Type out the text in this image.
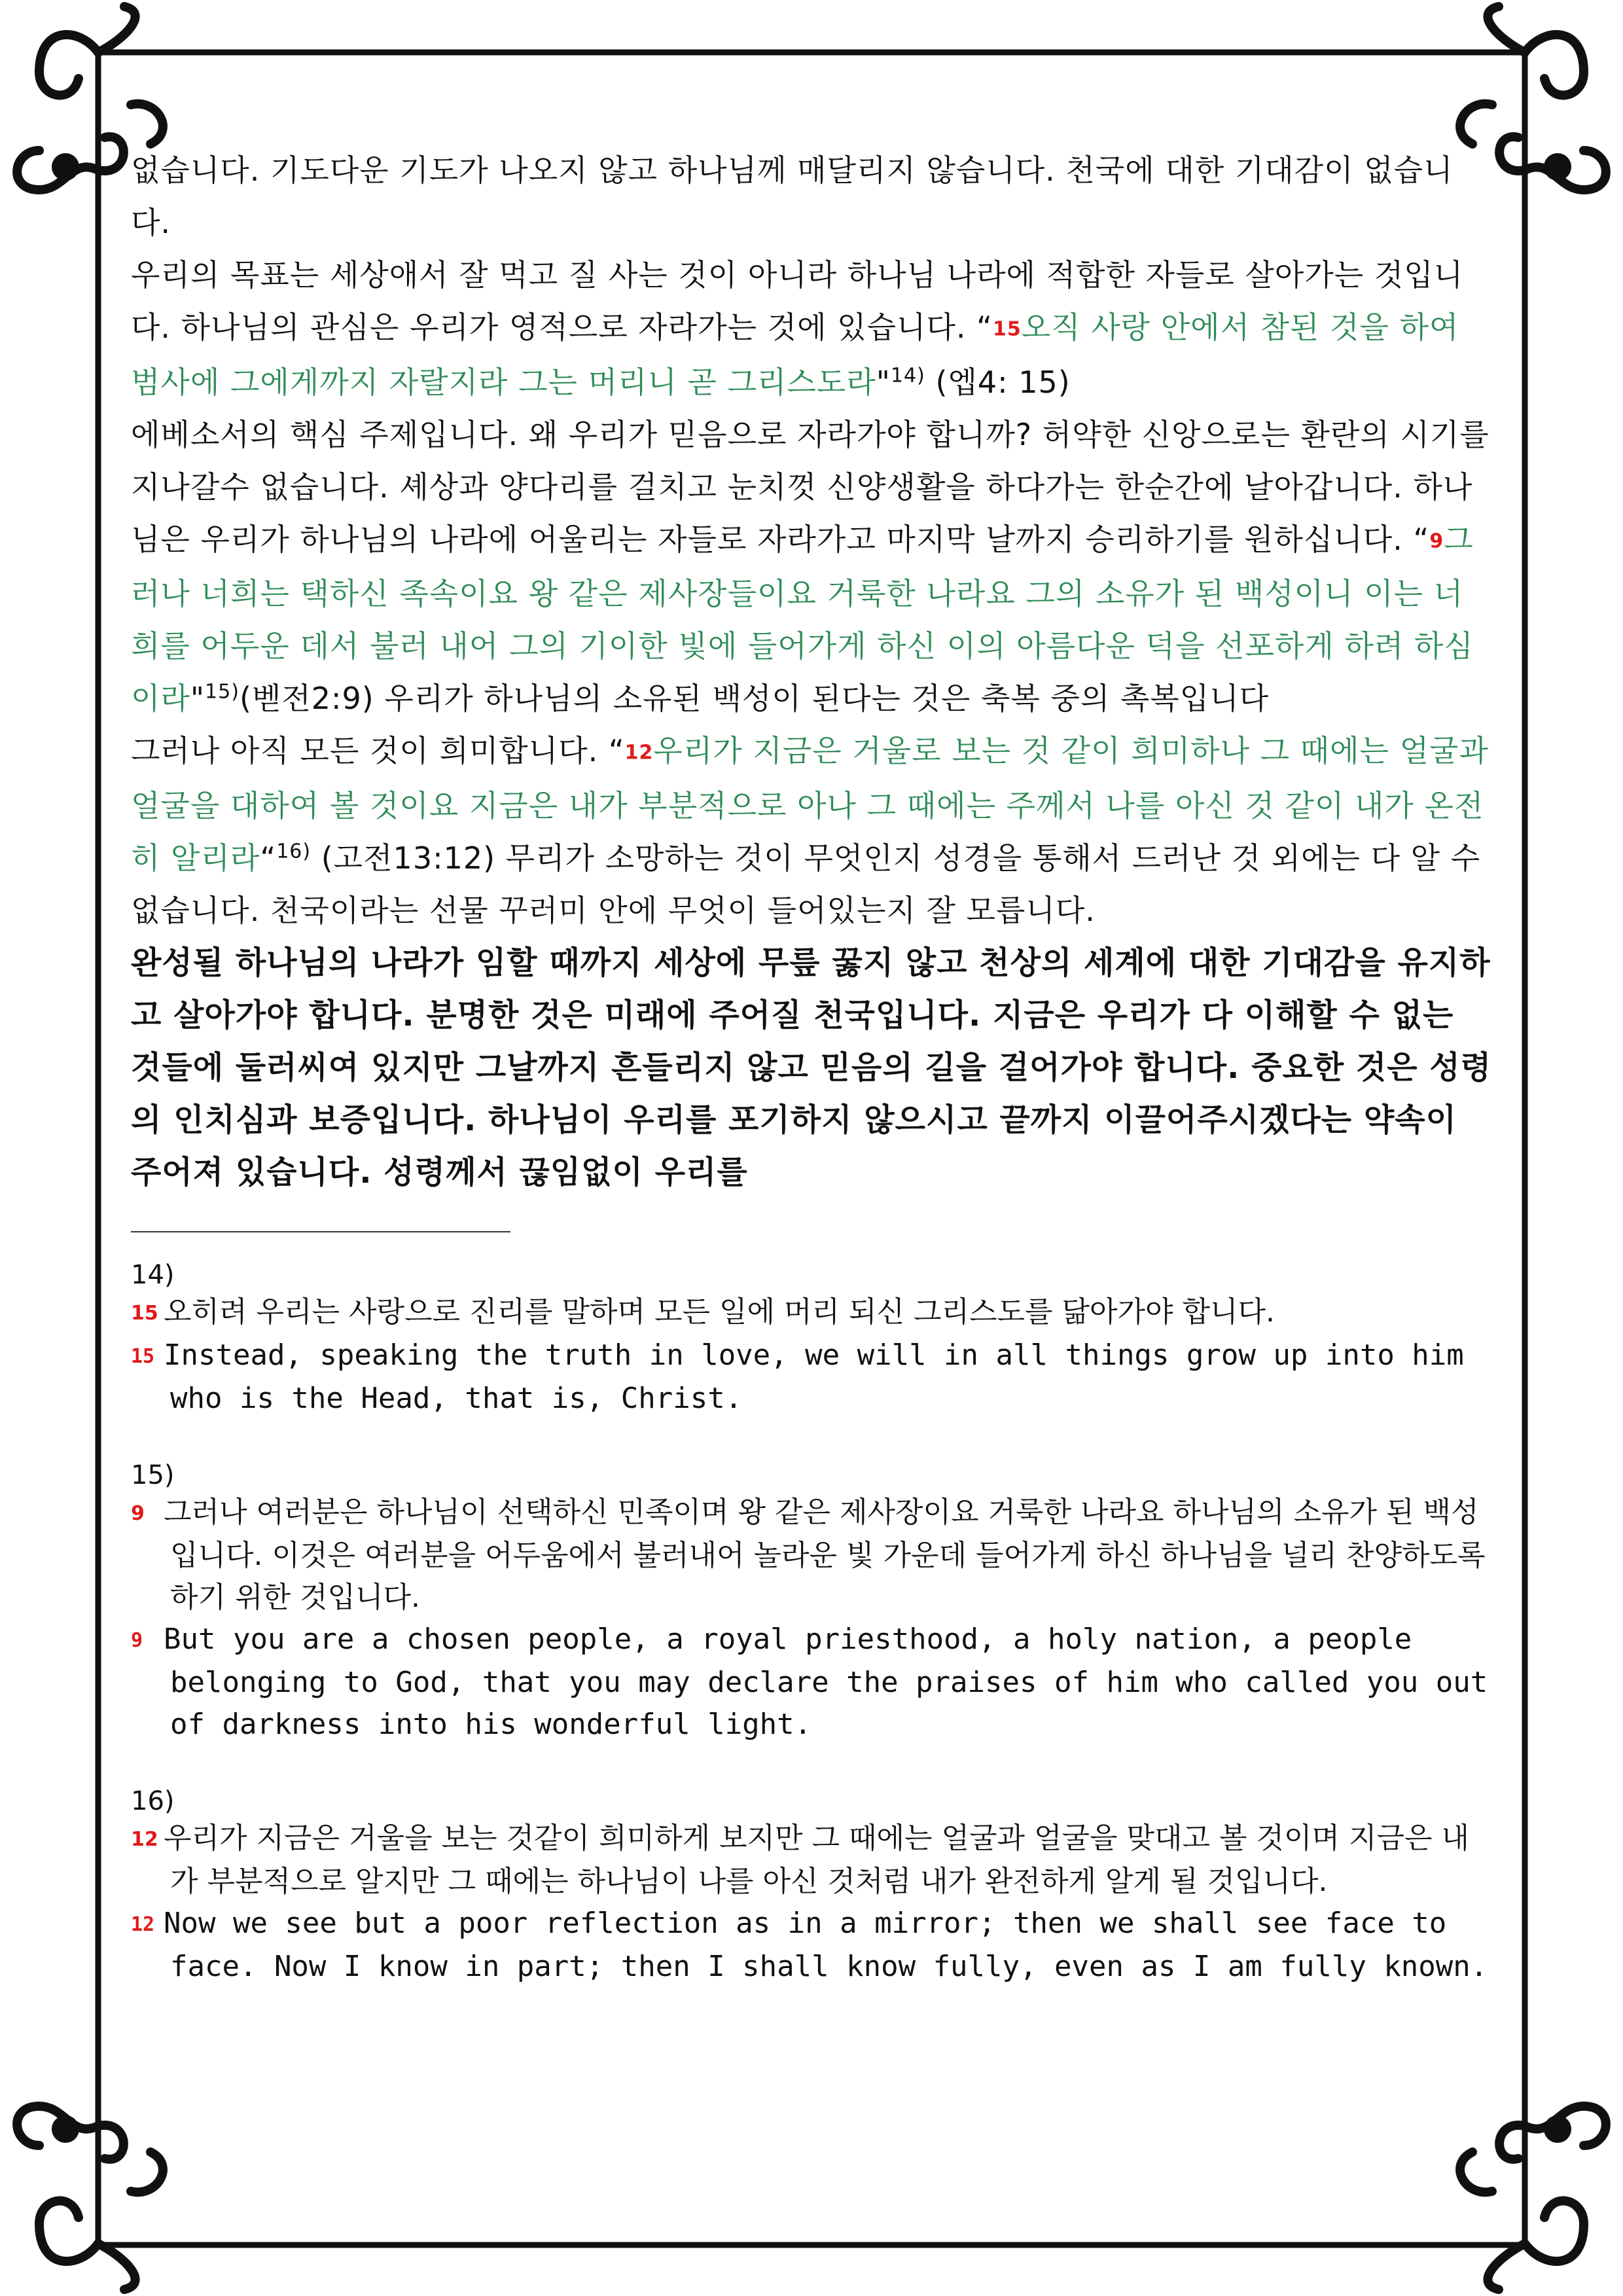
없습니다. 기도다운 기도가 나오지 않고 하나님께 매달리지 않습니다. 천국에 대한 기대감이 없습니다.
우리의 목표는 세상애서 잘 먹고 질 사는 것이 아니라 하나님 나라에 적합한 자들로 살아가는 것입니다. 하나님의 관심은 우리가 영적으로 자라가는 것에 있습니다. “15오직 사랑 안에서 참된 것을 하여 범사에 그에게까지 자랄지라 그는 머리니 곧 그리스도라"$^{14)}$ (엡4: 15)
에베소서의 핵심 주제입니다. 왜 우리가 믿음으로 자라가야 합니까? 허약한 신앙으로는 환란의 시기를 지나갈수 없습니다. 셰상과 양다리를 걸치고 눈치껏 신양생활을 하다가는 한순간에 날아갑니다. 하나님은 우리가 하나님의 나라에 어울리는 자들로 자라가고 마지막 날까지 승리하기를 원하십니다. “9그러나 너희는 택하신 족속이요 왕 같은 제사장들이요 거룩한 나라요 그의 소유가 된 백성이니 이는 너희를 어두운 데서 불러 내어 그의 기이한 빛에 들어가게 하신 이의 아름다운 덕을 선포하게 하려 하심이라"$^{15)}$(벧전2:9) 우리가 하나님의 소유된 백성이 된다는 것은 축복 중의 촉복입니다
그러나 아직 모든 것이 희미합니다. “12우리가 지금은 거울로 보는 것 같이 희미하나 그 때에는 얼굴과 얼굴을 대하여 볼 것이요 지금은 내가 부분적으로 아나 그 때에는 주께서 나를 아신 것 같이 내가 온전히 알리라“$^{16)}$ (고전13:12) 무리가 소망하는 것이 무엇인지 성경을 통해서 드러난 것 외에는 다 알 수 없습니다. 천국이라는 선물 꾸러미 안에 무엇이 들어있는지 잘 모릅니다.
완성될 하나님의 나라가 임할 때까지 세상에 무릎 꿇지 않고 천상의 세계에 대한 기대감을 유지하고 살아가야 합니다. 분명한 것은 미래에 주어질 천국입니다. 지금은 우리가 다 이해할 수 없는 것들에 둘러씨여 있지만 그날까지 흔들리지 않고 믿음의 길을 걸어가야 합니다. 중요한 것은 성령의 인치심과 보증입니다. 하나님이 우리를 포기하지 않으시고 끝까지 이끌어주시겠다는 약속이 주어져 있습니다. 성령께서 끊임없이 우리를
14)
15 오히려 우리는 사랑으로 진리를 말하며 모든 일에 머리 되신 그리스도를 닮아가야 합니다.
15 Instead, speaking the truth in love, we will in all things grow up into him who is the Head, that is, Christ.
15)
9 그러나 여러분은 하나님이 선택하신 민족이며 왕 같은 제사장이요 거룩한 나라요 하나님의 소유가 된 백성입니다. 이것은 여러분을 어두움에서 불러내어 놀라운 빛 가운데 들어가게 하신 하나님을 널리 찬양하도록 하기 위한 것입니다.
9 But you are a chosen people, a royal priesthood, a holy nation, a people belonging to God, that you may declare the praises of him who called you out of darkness into his wonderful light.
16)
12 우리가 지금은 거울을 보는 것같이 희미하게 보지만 그 때에는 얼굴과 얼굴을 맞대고 볼 것이며 지금은 내가 부분적으로 알지만 그 때에는 하나님이 나를 아신 것처럼 내가 완전하게 알게 될 것입니다.
12 Now we see but a poor reflection as in a mirror; then we shall see face to face. Now I know in part; then I shall know fully, even as I am fully known.
